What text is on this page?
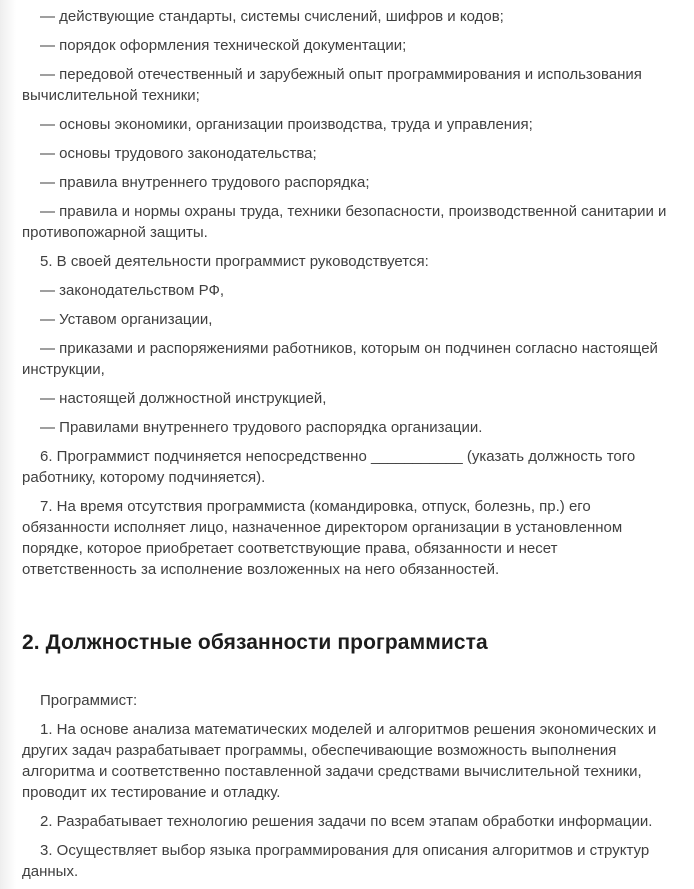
— действующие стандарты, системы счислений, шифров и кодов;

— порядок оформления технической документации;

— передовой отечественный и зарубежный опыт программирования и использования вычислительной техники;

— основы экономики, организации производства, труда и управления;

— основы трудового законодательства;

— правила внутреннего трудового распорядка;

— правила и нормы охраны труда, техники безопасности, производственной санитарии и противопожарной защиты.

5. В своей деятельности программист руководствуется:

— законодательством РФ,

— Уставом организации,

— приказами и распоряжениями работников, которым он подчинен согласно настоящей инструкции,

— настоящей должностной инструкцией,

— Правилами внутреннего трудового распорядка организации.

6. Программист подчиняется непосредственно ___________ (указать должность того работнику, которому подчиняется).

7. На время отсутствия программиста (командировка, отпуск, болезнь, пр.) его обязанности исполняет лицо, назначенное директором организации в установленном порядке, которое приобретает соответствующие права, обязанности и несет ответственность за исполнение возложенных на него обязанностей.

2. Должностные обязанности программиста

Программист:

1. На основе анализа математических моделей и алгоритмов решения экономических и других задач разрабатывает программы, обеспечивающие возможность выполнения алгоритма и соответственно поставленной задачи средствами вычислительной техники, проводит их тестирование и отладку.

2. Разрабатывает технологию решения задачи по всем этапам обработки информации.

3. Осуществляет выбор языка программирования для описания алгоритмов и структур данных.
